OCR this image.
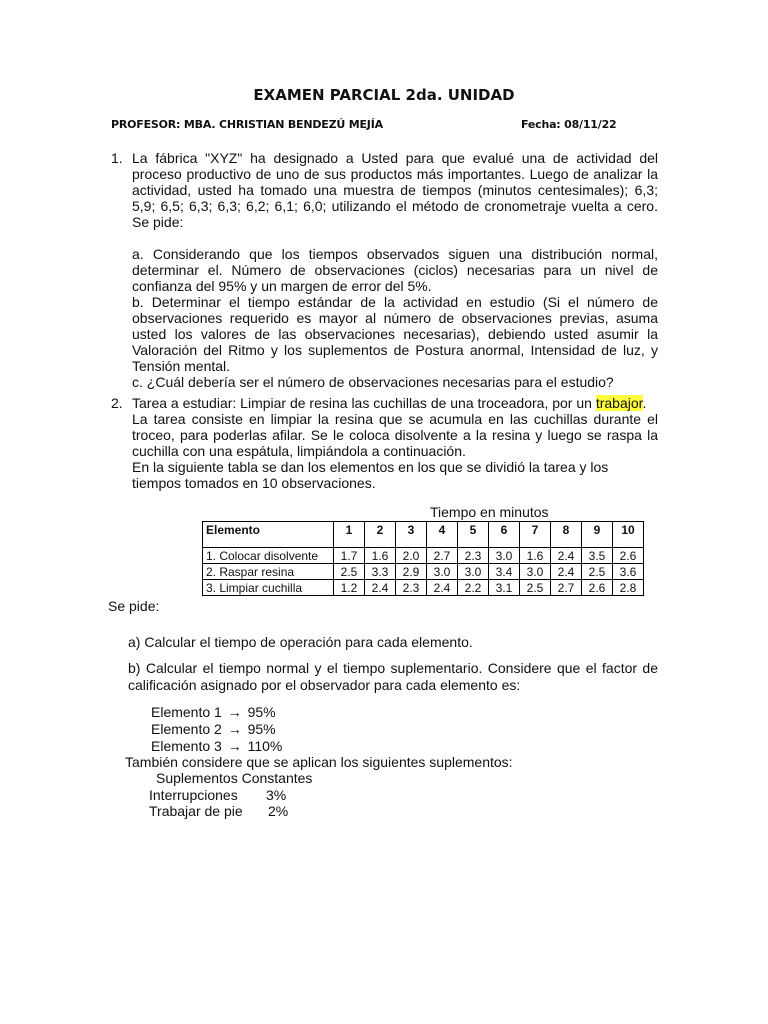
EXAMEN PARCIAL 2da. UNIDAD
PROFESOR: MBA. CHRISTIAN BENDEZÚ MEJÍA	Fecha: 08/11/22
1. La fábrica "XYZ" ha designado a Usted para que evalué una de actividad del proceso productivo de uno de sus productos más importantes. Luego de analizar la actividad, usted ha tomado una muestra de tiempos (minutos centesimales); 6,3; 5,9; 6,5; 6,3; 6,3; 6,2; 6,1; 6,0; utilizando el método de cronometraje vuelta a cero. Se pide:

a. Considerando que los tiempos observados siguen una distribución normal, determinar el. Número de observaciones (ciclos) necesarias para un nivel de confianza del 95% y un margen de error del 5%.

b. Determinar el tiempo estándar de la actividad en estudio (Si el número de observaciones requerido es mayor al número de observaciones previas, asuma usted los valores de las observaciones necesarias), debiendo usted asumir la Valoración del Ritmo y los suplementos de Postura anormal, Intensidad de luz, y Tensión mental.

c. ¿Cuál debería ser el número de observaciones necesarias para el estudio?

2. Tarea a estudiar: Limpiar de resina las cuchillas de una troceadora, por un trabajor.

La tarea consiste en limpiar la resina que se acumula en las cuchillas durante el troceo, para poderlas afilar. Se le coloca disolvente a la resina y luego se raspa la cuchilla con una espátula, limpiándola a continuación.

En la siguiente tabla se dan los elementos en los que se dividió la tarea y los tiempos tomados en 10 observaciones.

Tiempo en minutos
Elemento	1	2	3	4	5	6	7	8	9	10
1. Colocar disolvente	1.7	1.6	2.0	2.7	2.3	3.0	1.6	2.4	3.5	2.6
2. Raspar resina	2.5	3.3	2.9	3.0	3.0	3.4	3.0	2.4	2.5	3.6
3. Limpiar cuchilla	1.2	2.4	2.3	2.4	2.2	3.1	2.5	2.7	2.6	2.8
Se pide:
a) Calcular el tiempo de operación para cada elemento.
b) Calcular el tiempo normal y el tiempo suplementario. Considere que el factor de calificación asignado por el observador para cada elemento es:
Elemento 1 → 95%
Elemento 2 → 95%
Elemento 3 → 110%
También considere que se aplican los siguientes suplementos:
Suplementos Constantes
Interrupciones 3%
Trabajar de pie 2%
